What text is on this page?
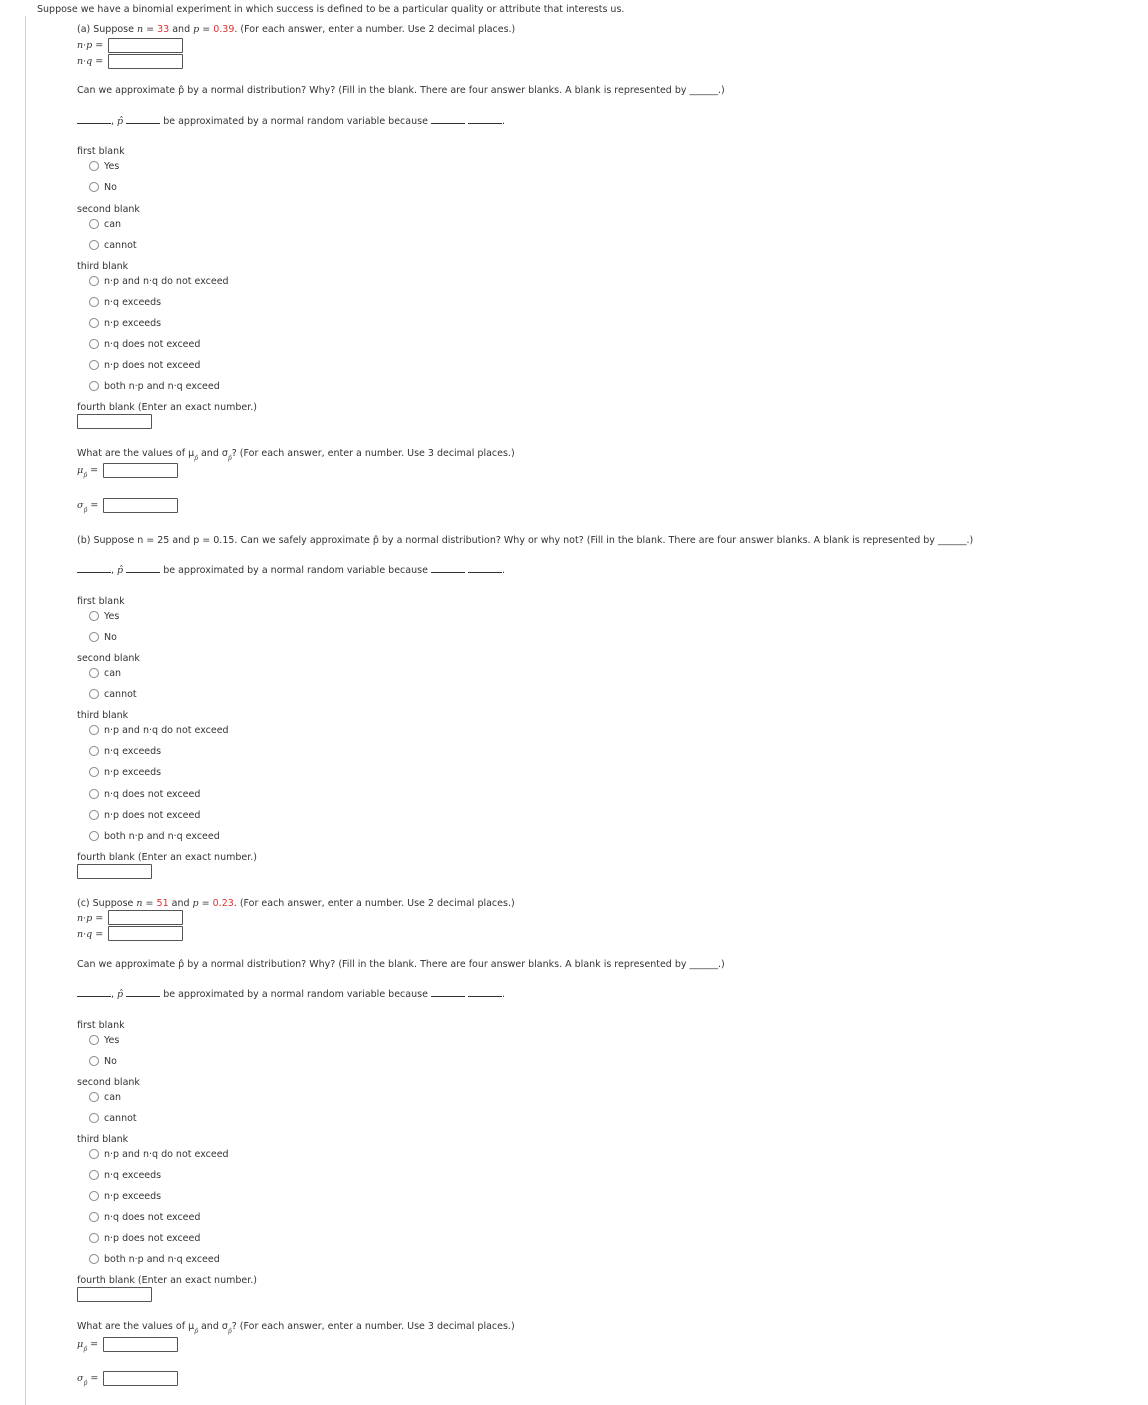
Suppose we have a binomial experiment in which success is defined to be a particular quality or attribute that interests us.
(a) Suppose n = 33 and p = 0.39. (For each answer, enter a number. Use 2 decimal places.)
n·p =
n·q =
Can we approximate p̂ by a normal distribution? Why? (Fill in the blank. There are four answer blanks. A blank is represented by ______.)
, p̂	be approximated by a normal random variable because	.
first blank
Yes
No
second blank
can
cannot
third blank
n·p and n·q do not exceed
n·q exceeds
n·p exceeds
n·q does not exceed
n·p does not exceed
both n·p and n·q exceed
fourth blank (Enter an exact number.)
What are the values of $\mu_{p̂}$ and $\sigma_{p̂}$? (For each answer, enter a number. Use 3 decimal places.)
$\mu_{p̂}$ =
$\sigma_{p̂}$ =
(b) Suppose n = 25 and p = 0.15. Can we safely approximate p̂ by a normal distribution? Why or why not? (Fill in the blank. There are four answer blanks. A blank is represented by ______.)
, p̂	be approximated by a normal random variable because	.
first blank
Yes
No
second blank
can
cannot
third blank
n·p and n·q do not exceed
n·q exceeds
n·p exceeds
n·q does not exceed
n·p does not exceed
both n·p and n·q exceed
fourth blank (Enter an exact number.)
(c) Suppose n = 51 and p = 0.23. (For each answer, enter a number. Use 2 decimal places.)
n·p =
n·q =
Can we approximate p̂ by a normal distribution? Why? (Fill in the blank. There are four answer blanks. A blank is represented by ______.)
, p̂	be approximated by a normal random variable because	.
first blank
Yes
No
second blank
can
cannot
third blank
n·p and n·q do not exceed
n·q exceeds
n·p exceeds
n·q does not exceed
n·p does not exceed
both n·p and n·q exceed
fourth blank (Enter an exact number.)
What are the values of $\mu_{p̂}$ and $\sigma_{p̂}$? (For each answer, enter a number. Use 3 decimal places.)
$\mu_{p̂}$ =
$\sigma_{p̂}$ =
